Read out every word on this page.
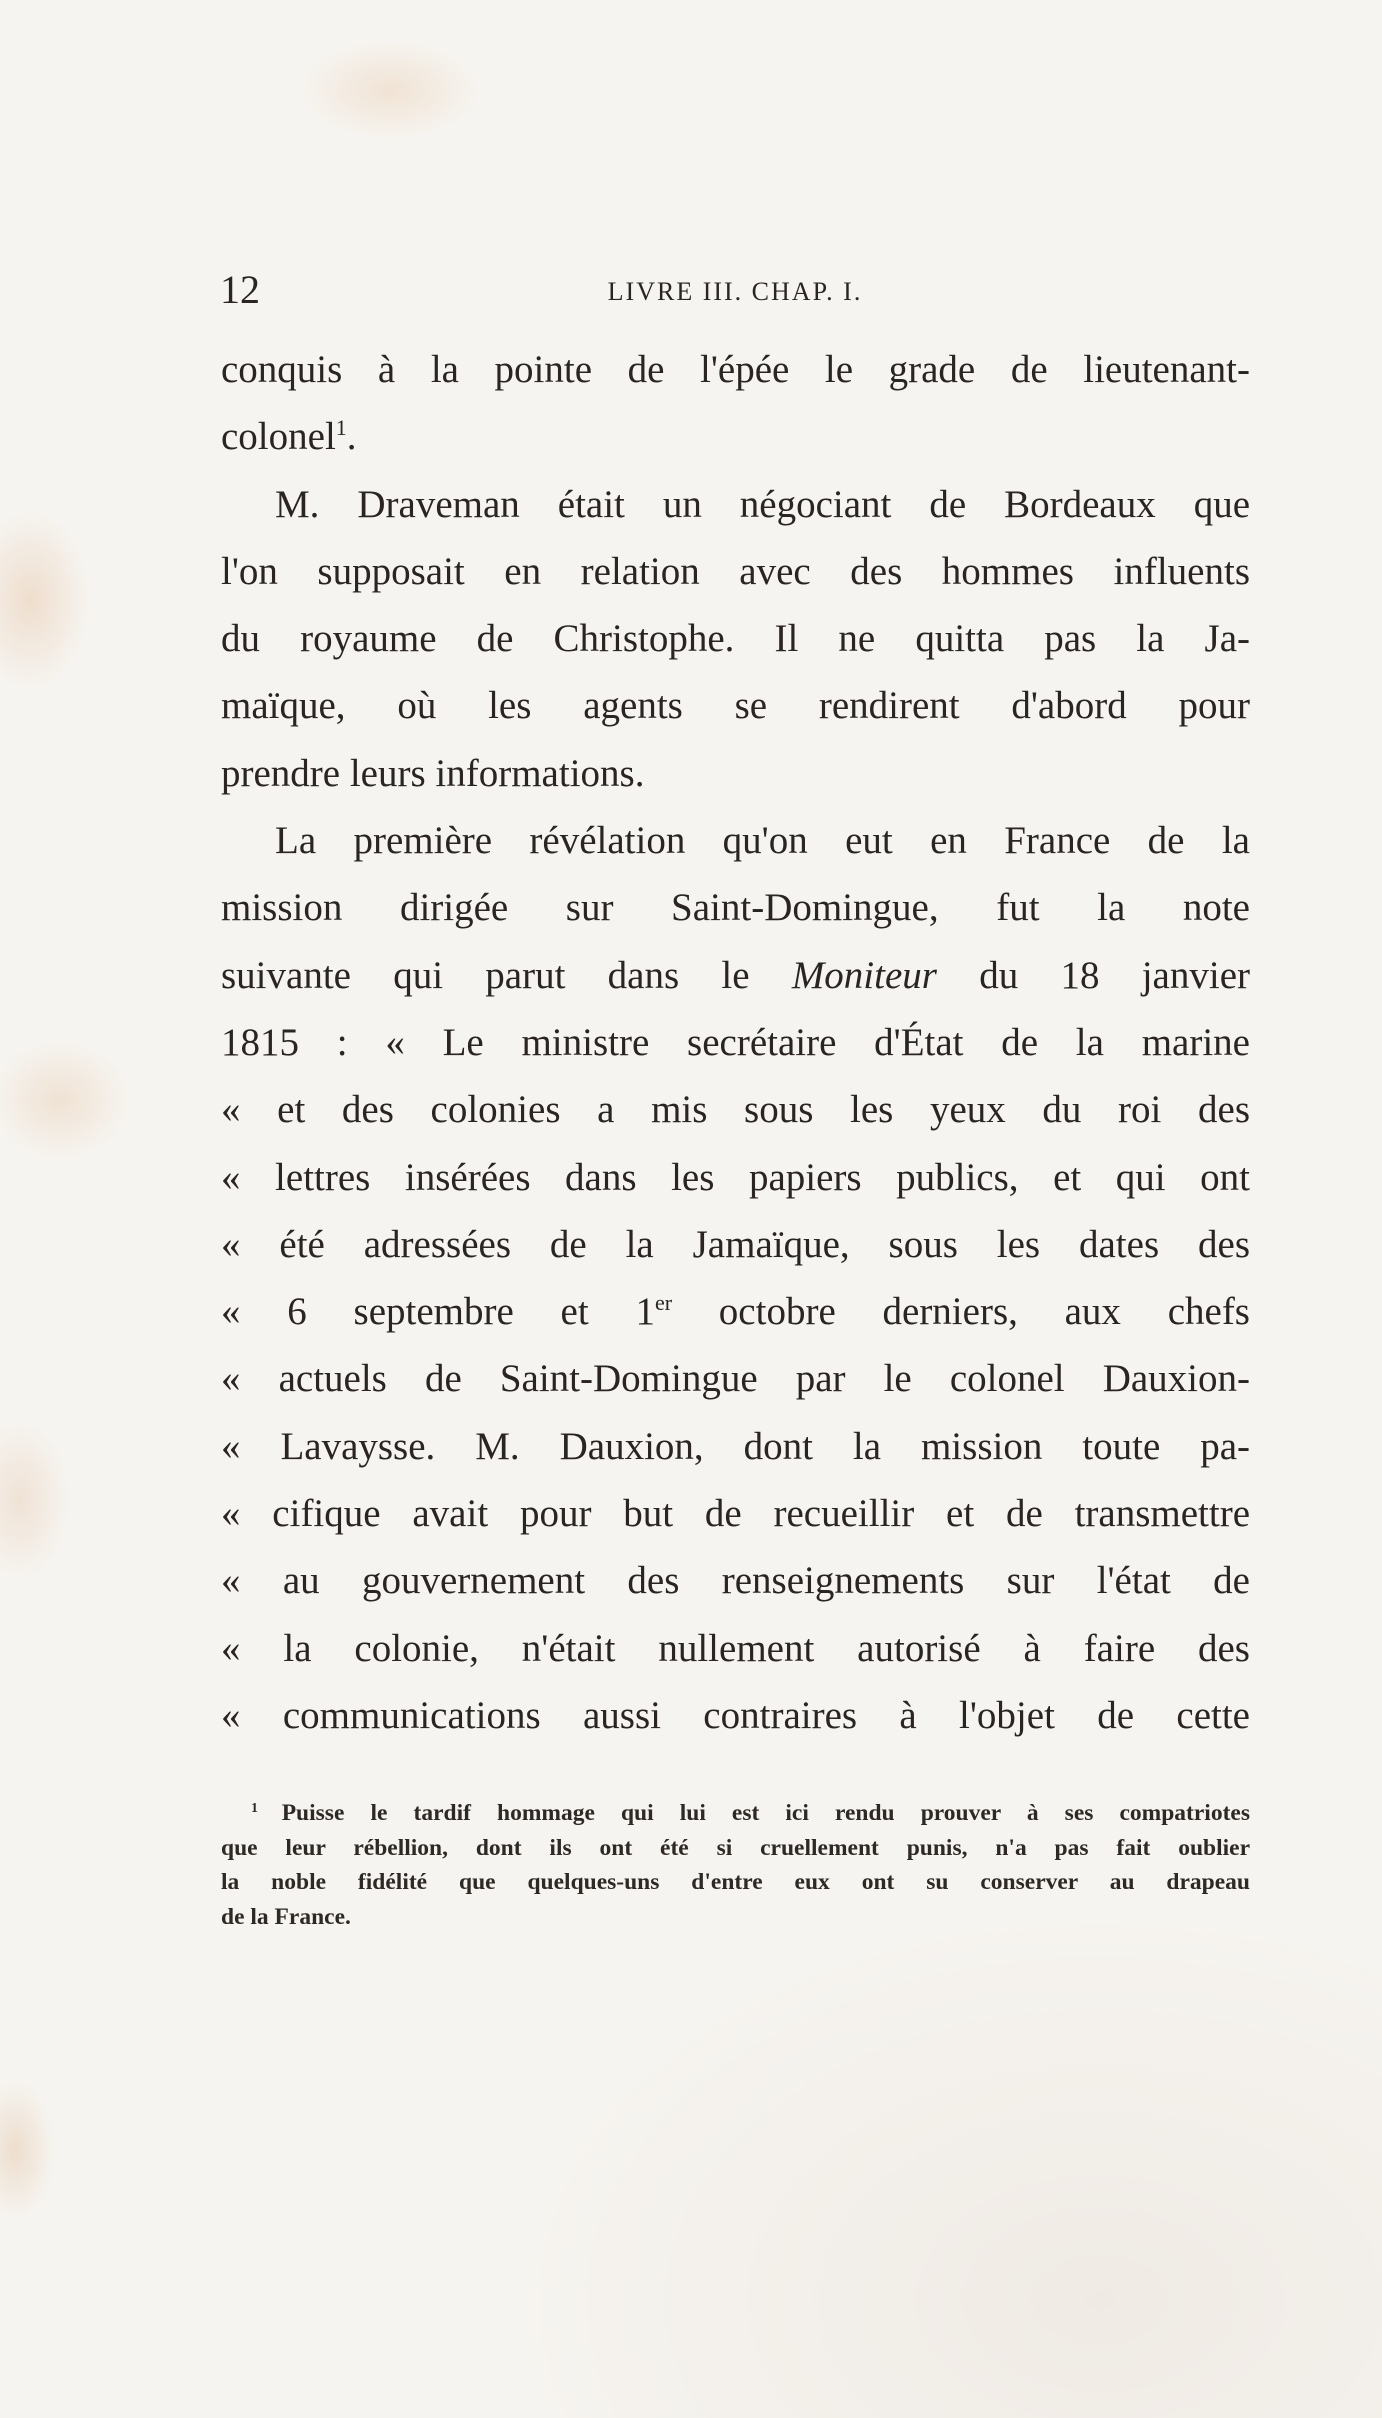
12	LIVRE III. CHAP. I.
conquis à la pointe de l'épée le grade de lieutenant-
colonel$^1$.
M. Draveman était un négociant de Bordeaux que
l'on supposait en relation avec des hommes influents
du royaume de Christophe. Il ne quitta pas la Ja-
maïque, où les agents se rendirent d'abord pour
prendre leurs informations.
La première révélation qu'on eut en France de la
mission dirigée sur Saint-Domingue, fut la note
suivante qui parut dans le Moniteur du 18 janvier
1815 : « Le ministre secrétaire d'État de la marine
« et des colonies a mis sous les yeux du roi des
« lettres insérées dans les papiers publics, et qui ont
« été adressées de la Jamaïque, sous les dates des
« 6 septembre et 1er octobre derniers, aux chefs
« actuels de Saint-Domingue par le colonel Dauxion-
« Lavaysse. M. Dauxion, dont la mission toute pa-
« cifique avait pour but de recueillir et de transmettre
« au gouvernement des renseignements sur l'état de
« la colonie, n'était nullement autorisé à faire des
« communications aussi contraires à l'objet de cette
$^1$ Puisse le tardif hommage qui lui est ici rendu prouver à ses compatriotes
que leur rébellion, dont ils ont été si cruellement punis, n'a pas fait oublier
la noble fidélité que quelques-uns d'entre eux ont su conserver au drapeau
de la France.
